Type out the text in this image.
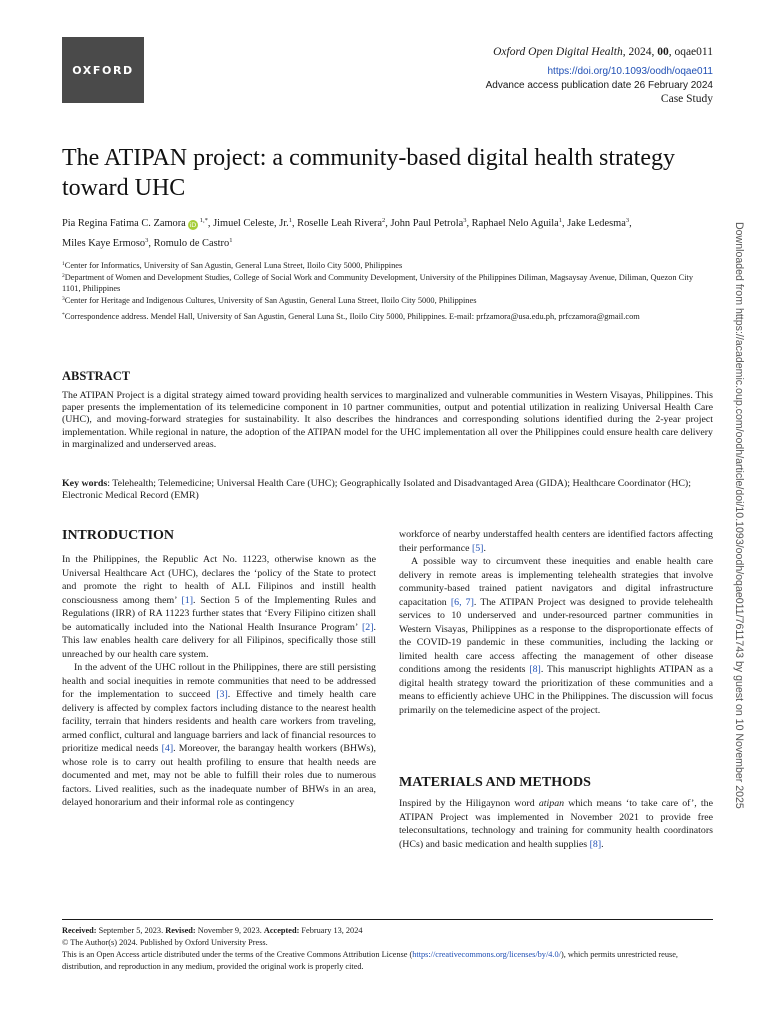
OXFORD
Oxford Open Digital Health, 2024, 00, oqae011
https://doi.org/10.1093/oodh/oqae011
Advance access publication date 26 February 2024
Case Study
The ATIPAN project: a community-based digital health strategy toward UHC
Pia Regina Fatima C. Zamora $iD^{1,*}$, Jimuel Celeste, Jr.$^1$, Roselle Leah Rivera$^2$, John Paul Petrola$^3$, Raphael Nelo Aguila$^1$, Jake Ledesma$^3$,
Miles Kaye Ermoso$^3$, Romulo de Castro$^1$
$^1$Center for Informatics, University of San Agustin, General Luna Street, Iloilo City 5000, Philippines
$^2$Department of Women and Development Studies, College of Social Work and Community Development, University of the Philippines Diliman, Magsaysay Avenue, Diliman, Quezon City 1101, Philippines
$^3$Center for Heritage and Indigenous Cultures, University of San Agustin, General Luna Street, Iloilo City 5000, Philippines
*Correspondence address. Mendel Hall, University of San Agustin, General Luna St., Iloilo City 5000, Philippines. E-mail: prfzamora@usa.edu.ph, prfczamora@gmail.com
ABSTRACT
The ATIPAN Project is a digital strategy aimed toward providing health services to marginalized and vulnerable communities in Western Visayas, Philippines. This paper presents the implementation of its telemedicine component in 10 partner communities, output and potential utilization in realizing Universal Health Care (UHC), and moving-forward strategies for sustainability. It also describes the hindrances and corresponding solutions identified during the 2-year project implementation. While regional in nature, the adoption of the ATIPAN model for the UHC implementation all over the Philippines could ensure health care delivery in marginalized and underserved areas.
Key words: Telehealth; Telemedicine; Universal Health Care (UHC); Geographically Isolated and Disadvantaged Area (GIDA); Healthcare Coordinator (HC); Electronic Medical Record (EMR)
INTRODUCTION

In the Philippines, the Republic Act No. 11223, otherwise known as the Universal Healthcare Act (UHC), declares the ‘policy of the State to protect and promote the right to health of ALL Filipinos and instill health consciousness among them’ [1]. Section 5 of the Implementing Rules and Regulations (IRR) of RA 11223 further states that ‘Every Filipino citizen shall be automatically included into the National Health Insurance Program’ [2]. This law enables health care delivery for all Filipinos, specifically those still unreached by our health care system.

In the advent of the UHC rollout in the Philippines, there are still persisting health and social inequities in remote communities that need to be addressed for the implementation to succeed [3]. Effective and timely health care delivery is affected by complex factors including distance to the nearest health facility, terrain that hinders residents and health care workers from traveling, armed conflict, cultural and language barriers and lack of financial resources to prioritize medical needs [4]. Moreover, the barangay health workers (BHWs), whose role is to carry out health profiling to ensure that health needs are documented and met, may not be able to fulfill their roles due to numerous factors. Lived realities, such as the inadequate number of BHWs in an area, delayed honorarium and their informal role as contingency

workforce of nearby understaffed health centers are identified factors affecting their performance [5].

A possible way to circumvent these inequities and enable health care delivery in remote areas is implementing telehealth strategies that involve community-based trained patient navigators and digital infrastructure capacitation [6, 7]. The ATIPAN Project was designed to provide telehealth services to 10 underserved and under-resourced partner communities in Western Visayas, Philippines as a response to the disproportionate effects of the COVID-19 pandemic in these communities, including the lacking or limited health care access affecting the management of other disease conditions among the residents [8]. This manuscript highlights ATIPAN as a digital health strategy toward the prioritization of these communities and a means to efficiently achieve UHC in the Philippines. The discussion will focus primarily on the telemedicine aspect of the project.

MATERIALS AND METHODS

Inspired by the Hiligaynon word atipan which means ‘to take care of’, the ATIPAN Project was implemented in November 2021 to provide free teleconsultations, technology and training for community health coordinators (HCs) and basic medication and health supplies [8].

Received: September 5, 2023. Revised: November 9, 2023. Accepted: February 13, 2024
© The Author(s) 2024. Published by Oxford University Press.
This is an Open Access article distributed under the terms of the Creative Commons Attribution License (https://creativecommons.org/licenses/by/4.0/), which permits unrestricted reuse, distribution, and reproduction in any medium, provided the original work is properly cited.
Downloaded from https://academic.oup.com/oodh/article/doi/10.1093/oodh/oqae011/7611743 by guest on 10 November 2025
